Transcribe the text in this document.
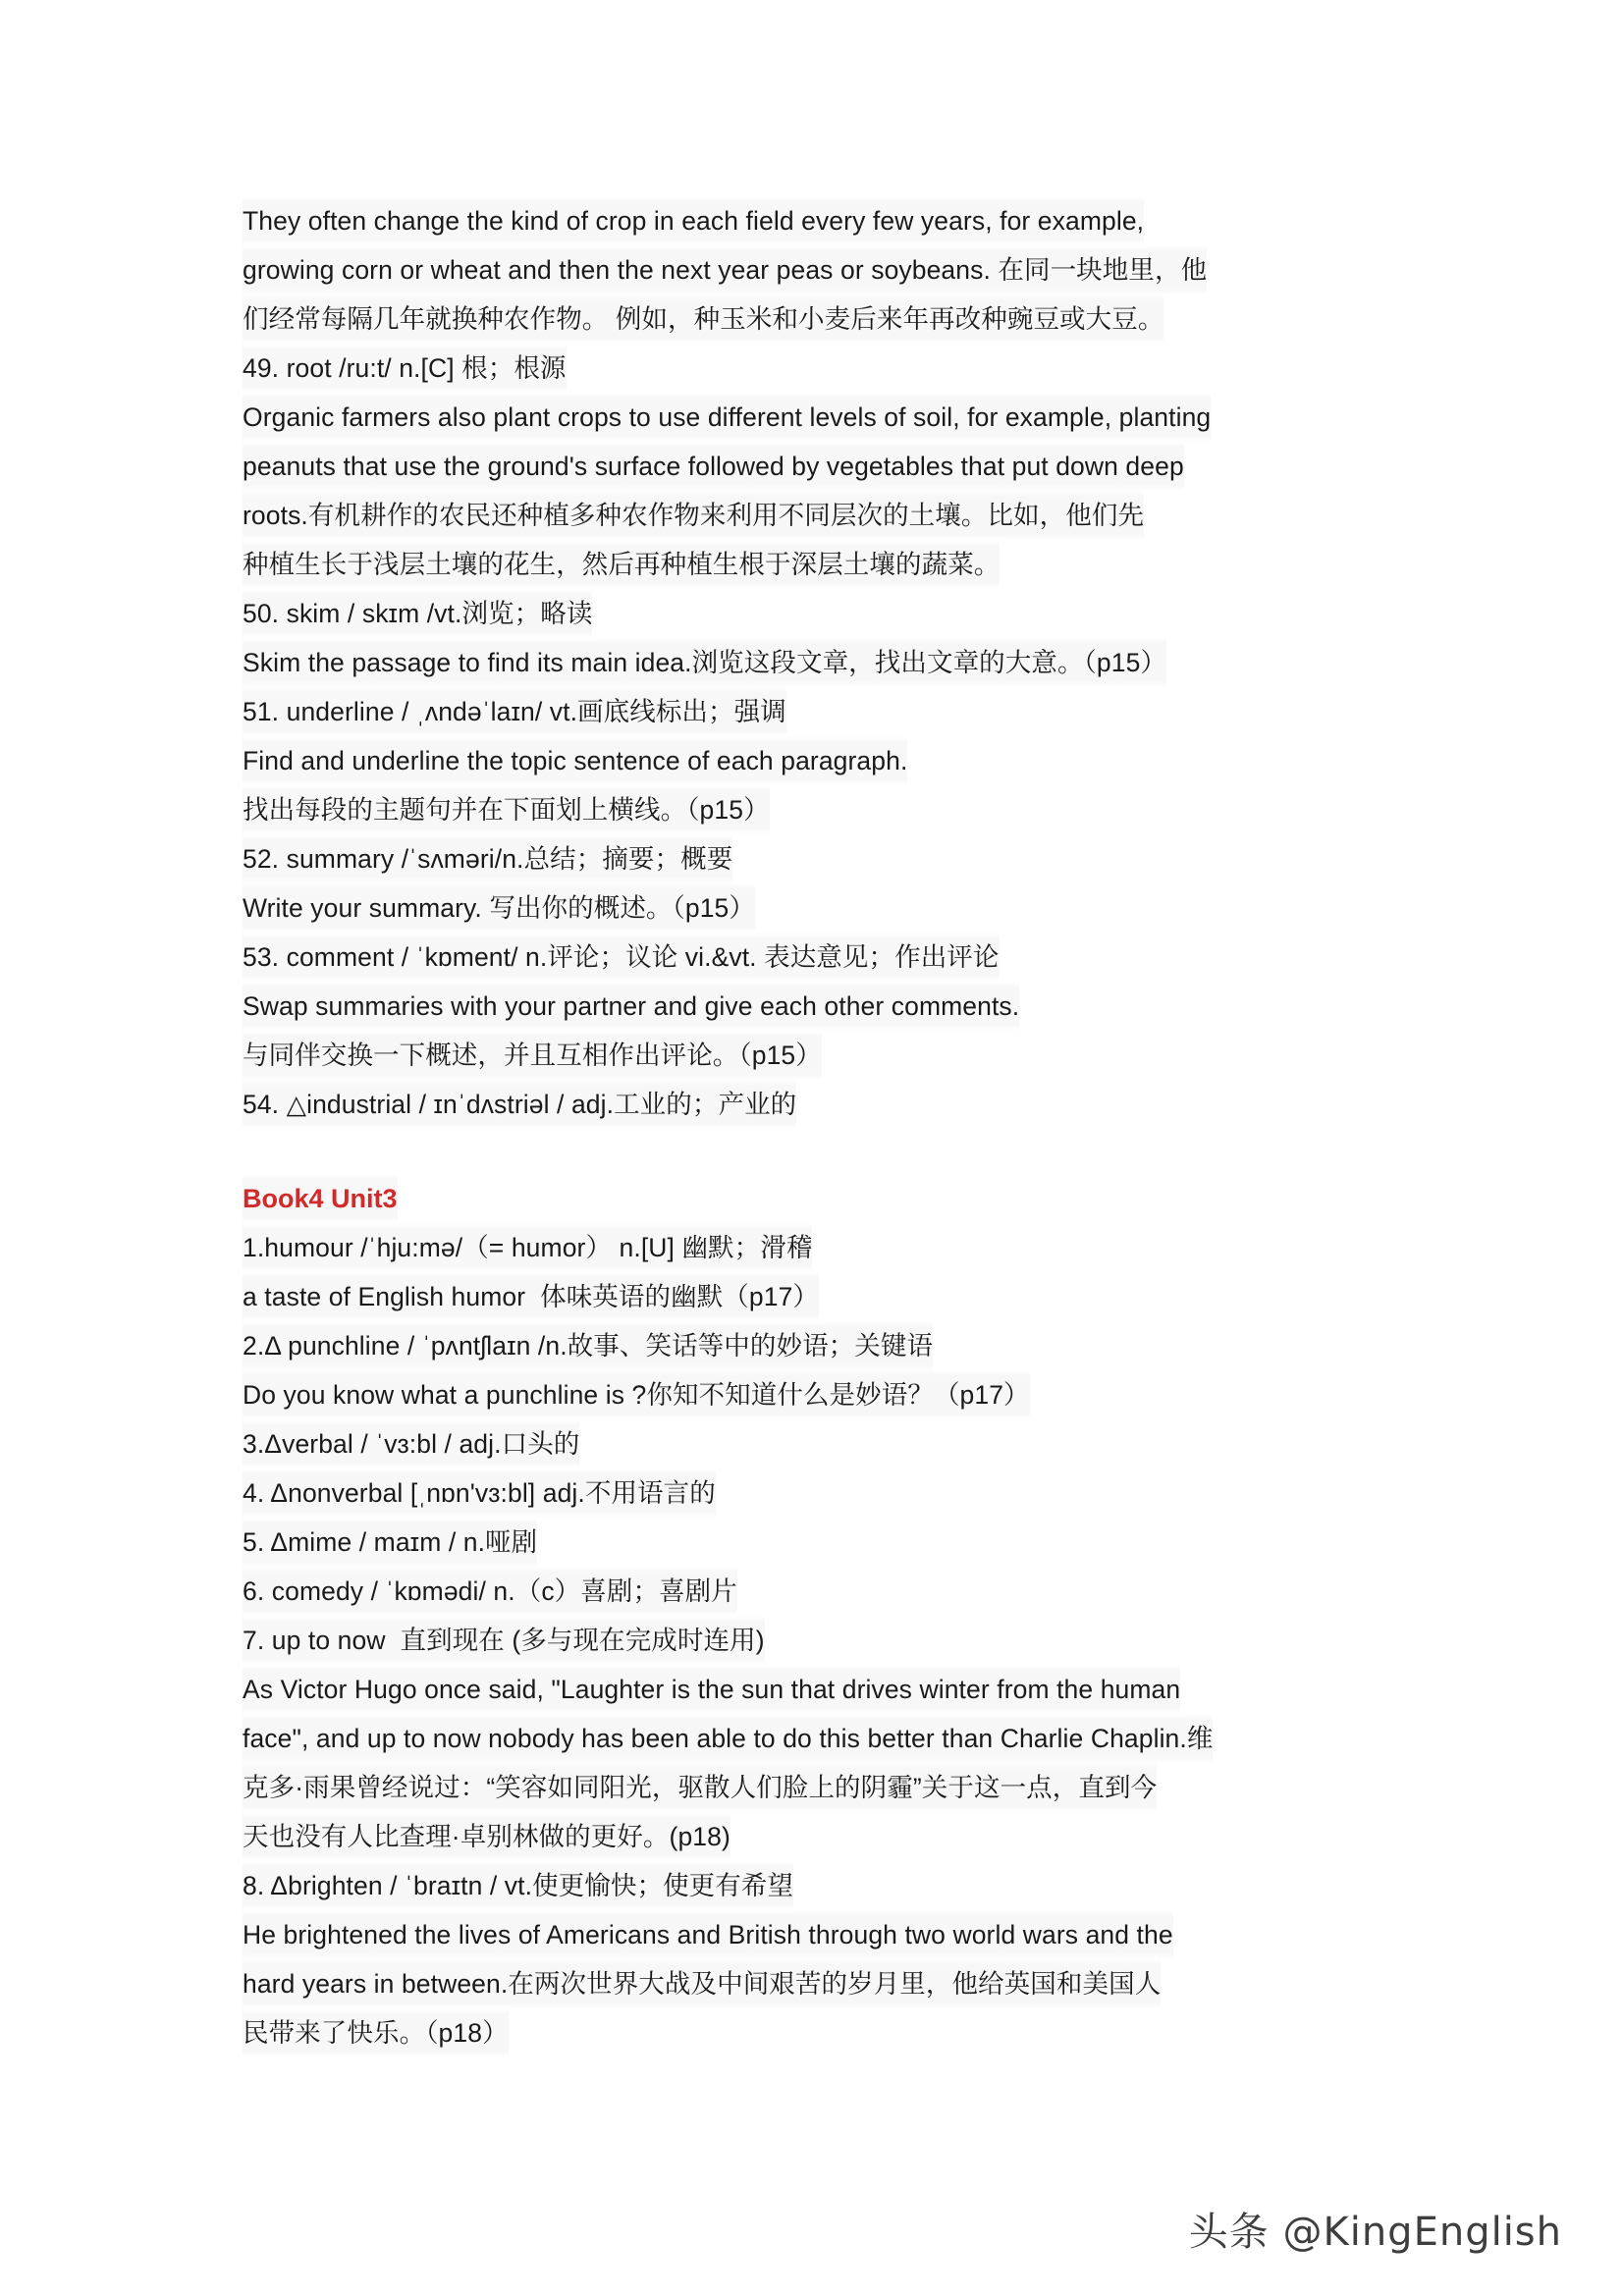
They often change the kind of crop in each field every few years, for example,
growing corn or wheat and then the next year peas or soybeans. 在同一块地里，他
们经常每隔几年就换种农作物。 例如，种玉米和小麦后来年再改种豌豆或大豆。
49. root /ru:t/ n.[C] 根；根源
Organic farmers also plant crops to use different levels of soil, for example, planting
peanuts that use the ground's surface followed by vegetables that put down deep
roots.有机耕作的农民还种植多种农作物来利用不同层次的土壤。比如，他们先
种植生长于浅层土壤的花生，然后再种植生根于深层土壤的蔬菜。
50. skim / skɪm /vt.浏览；略读
Skim the passage to find its main idea.浏览这段文章，找出文章的大意。（p15）
51. underline / ˌʌndəˈlaɪn/ vt.画底线标出；强调
Find and underline the topic sentence of each paragraph.
找出每段的主题句并在下面划上横线。（p15）
52. summary /ˈsʌməri/n.总结；摘要；概要
Write your summary. 写出你的概述。（p15）
53. comment / ˈkɒment/ n.评论；议论 vi.&vt. 表达意见；作出评论
Swap summaries with your partner and give each other comments.
与同伴交换一下概述，并且互相作出评论。（p15）
54. △industrial / ɪnˈdʌstriəl / adj.工业的；产业的
Book4 Unit3
1.humour /ˈhju:mə/（= humor） n.[U] 幽默；滑稽
a taste of English humor  体味英语的幽默（p17）
2.Δ punchline / ˈpʌntʃlaɪn /n.故事、笑话等中的妙语；关键语
Do you know what a punchline is ?你知不知道什么是妙语？（p17）
3.Δverbal / ˈvɜ:bl / adj.口头的
4. Δnonverbal [ˌnɒn'vɜ:bl] adj.不用语言的
5. Δmime / maɪm / n.哑剧
6. comedy / ˈkɒmədi/ n.（c）喜剧；喜剧片
7. up to now  直到现在 (多与现在完成时连用)
As Victor Hugo once said, "Laughter is the sun that drives winter from the human
face", and up to now nobody has been able to do this better than Charlie Chaplin.维
克多·雨果曾经说过：“笑容如同阳光，驱散人们脸上的阴霾”关于这一点，直到今
天也没有人比查理·卓别林做的更好。(p18)
8. Δbrighten / ˈbraɪtn / vt.使更愉快；使更有希望
He brightened the lives of Americans and British through two world wars and the
hard years in between.在两次世界大战及中间艰苦的岁月里，他给英国和美国人
民带来了快乐。（p18）
头条 @KingEnglish
